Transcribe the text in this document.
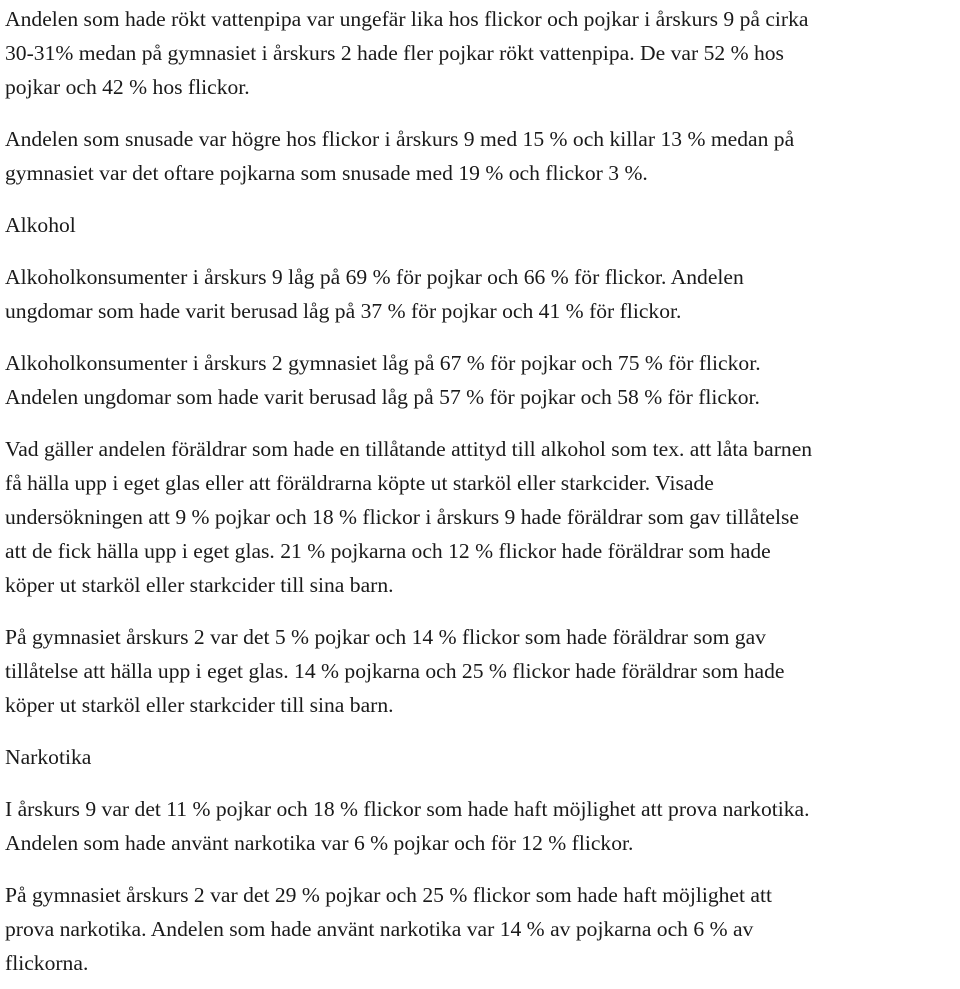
Andelen som hade rökt vattenpipa var ungefär lika hos flickor och pojkar i årskurs 9 på cirka
30-31% medan på gymnasiet i årskurs 2 hade fler pojkar rökt vattenpipa. De var 52 % hos
pojkar och 42 % hos flickor.

Andelen som snusade var högre hos flickor i årskurs 9 med 15 % och killar 13 % medan på
gymnasiet var det oftare pojkarna som snusade med 19 % och flickor 3 %.

Alkohol

Alkoholkonsumenter i årskurs 9 låg på 69 % för pojkar och 66 % för flickor. Andelen
ungdomar som hade varit berusad låg på 37 % för pojkar och 41 % för flickor.

Alkoholkonsumenter i årskurs 2 gymnasiet låg på 67 % för pojkar och 75 % för flickor.
Andelen ungdomar som hade varit berusad låg på 57 % för pojkar och 58 % för flickor.

Vad gäller andelen föräldrar som hade en tillåtande attityd till alkohol som tex. att låta barnen
få hälla upp i eget glas eller att föräldrarna köpte ut starköl eller starkcider. Visade
undersökningen att 9 % pojkar och 18 % flickor i årskurs 9 hade föräldrar som gav tillåtelse
att de fick hälla upp i eget glas. 21 % pojkarna och 12 % flickor hade föräldrar som hade
köper ut starköl eller starkcider till sina barn.

På gymnasiet årskurs 2 var det 5 % pojkar och 14 % flickor som hade föräldrar som gav
tillåtelse att hälla upp i eget glas. 14 % pojkarna och 25 % flickor hade föräldrar som hade
köper ut starköl eller starkcider till sina barn.

Narkotika

I årskurs 9 var det 11 % pojkar och 18 % flickor som hade haft möjlighet att prova narkotika.
Andelen som hade använt narkotika var 6 % pojkar och för 12 % flickor.

På gymnasiet årskurs 2 var det 29 % pojkar och 25 % flickor som hade haft möjlighet att
prova narkotika. Andelen som hade använt narkotika var 14 % av pojkarna och 6 % av
flickorna.
